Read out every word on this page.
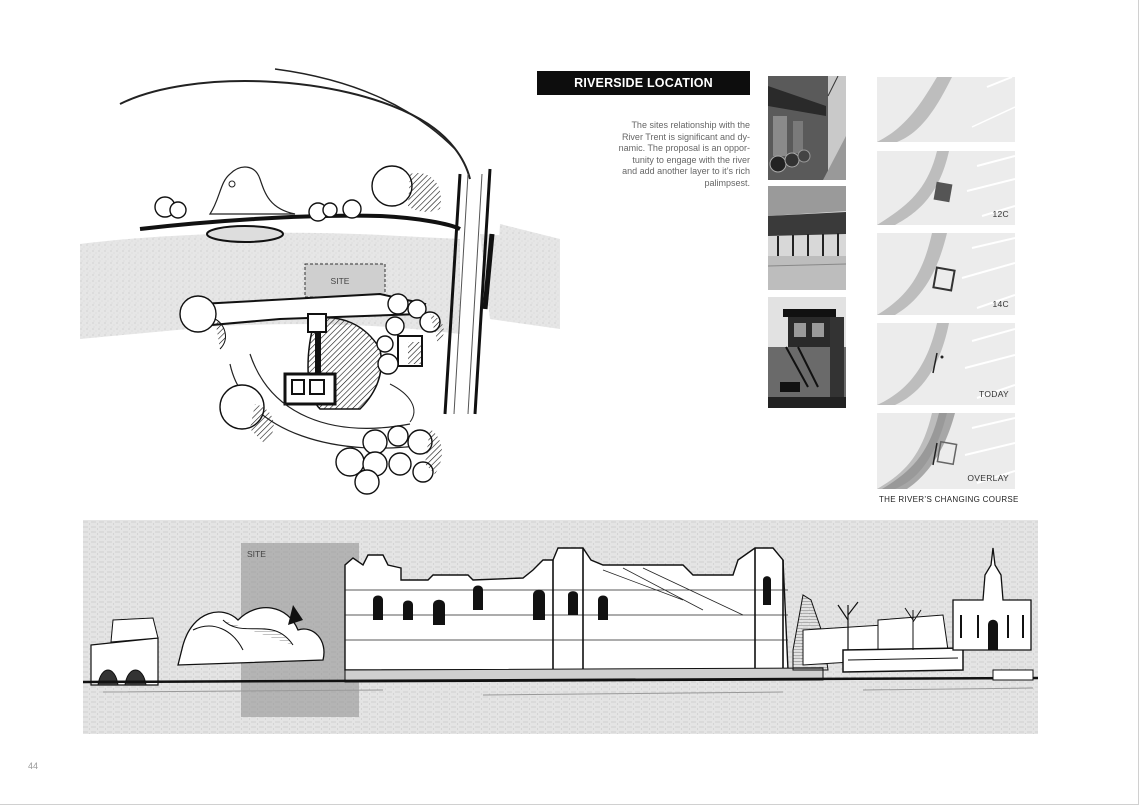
SITE
RIVERSIDE LOCATION
The sites relationship with the
River Trent is significant and dy-
namic. The proposal is an oppor-
tunity to engage with the river
and add another layer to it’s rich
palimpsest.
12C
14C
TODAY
OVERLAY
THE RIVER’S CHANGING COURSE
SITE
44
